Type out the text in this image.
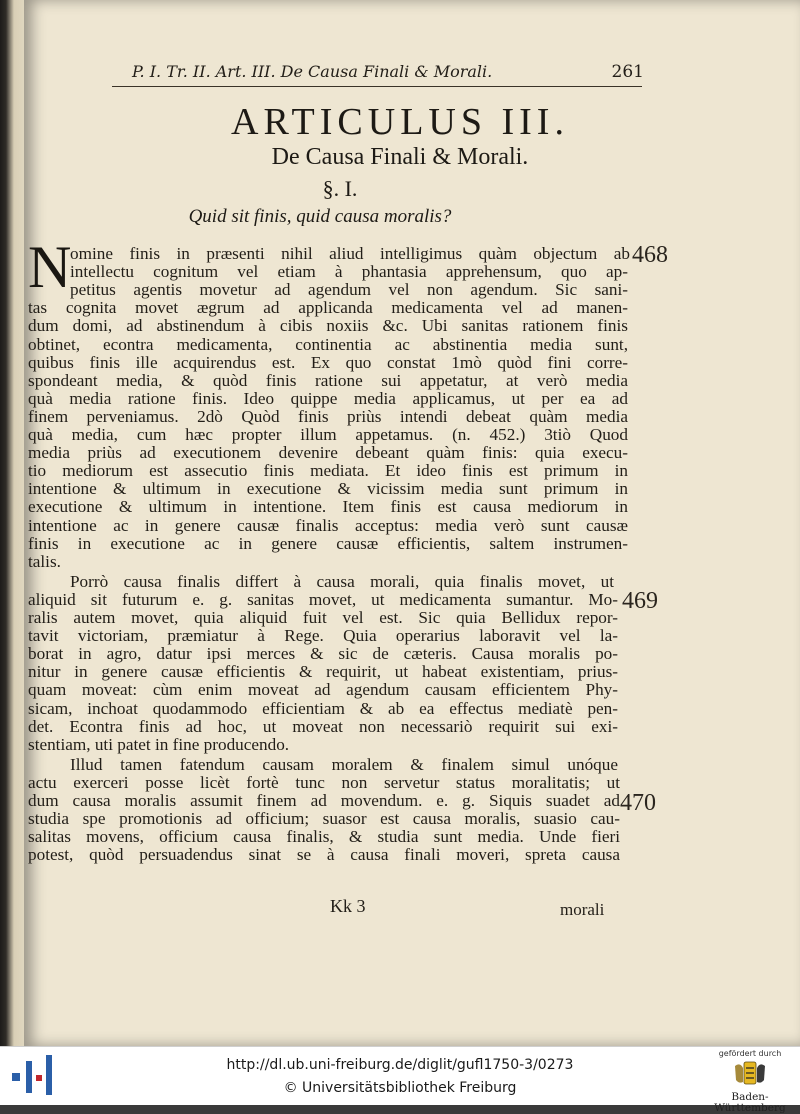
P. I. Tr. II. Art. III. De Causa Finali & Morali.	261
ARTICULUS III.
De Causa Finali & Morali.
§. I.
Quid sit finis, quid causa moralis?
N
omine finis in præsenti nihil aliud intelligimus quàm objectum ab
intellectu cognitum vel etiam à phantasia apprehensum, quo ap-
petitus agentis movetur ad agendum vel non agendum. Sic sani-
tas cognita movet ægrum ad applicanda medicamenta vel ad manen-
dum domi, ad abstinendum à cibis noxiis &c. Ubi sanitas rationem finis
obtinet, econtra medicamenta, continentia ac abstinentia media sunt,
quibus finis ille acquirendus est. Ex quo constat 1mò quòd fini corre-
spondeant media, & quòd finis ratione sui appetatur, at verò media
quà media ratione finis. Ideo quippe media applicamus, ut per ea ad
finem perveniamus. 2dò Quòd finis priùs intendi debeat quàm media
quà media, cum hæc propter illum appetamus. (n. 452.) 3tiò Quod
media priùs ad executionem devenire debeant quàm finis: quia execu-
tio mediorum est assecutio finis mediata. Et ideo finis est primum in
intentione & ultimum in executione & vicissim media sunt primum in
executione & ultimum in intentione. Item finis est causa mediorum in
intentione ac in genere causæ finalis acceptus: media verò sunt causæ
finis in executione ac in genere causæ efficientis, saltem instrumen-
talis.
Porrò causa finalis differt à causa morali, quia finalis movet, ut
aliquid sit futurum e. g. sanitas movet, ut medicamenta sumantur. Mo-
ralis autem movet, quia aliquid fuit vel est. Sic quia Bellidux repor-
tavit victoriam, præmiatur à Rege. Quia operarius laboravit vel la-
borat in agro, datur ipsi merces & sic de cæteris. Causa moralis po-
nitur in genere causæ efficientis & requirit, ut habeat existentiam, prius-
quam moveat: cùm enim moveat ad agendum causam efficientem Phy-
sicam, inchoat quodammodo efficientiam & ab ea effectus mediatè pen-
det. Econtra finis ad hoc, ut moveat non necessariò requirit sui exi-
stentiam, uti patet in fine producendo.
Illud tamen fatendum causam moralem & finalem simul unóque
actu exerceri posse licèt fortè tunc non servetur status moralitatis; ut
dum causa moralis assumit finem ad movendum. e. g. Siquis suadet ad
studia spe promotionis ad officium; suasor est causa moralis, suasio cau-
salitas movens, officium causa finalis, & studia sunt media. Unde fieri
potest, quòd persuadendus sinat se à causa finali moveri, spreta causa
468
469
470
Kk 3	morali
http://dl.ub.uni-freiburg.de/diglit/gufl1750-3/0273
© Universitätsbibliothek Freiburg
gefördert durch
Baden-Württemberg
